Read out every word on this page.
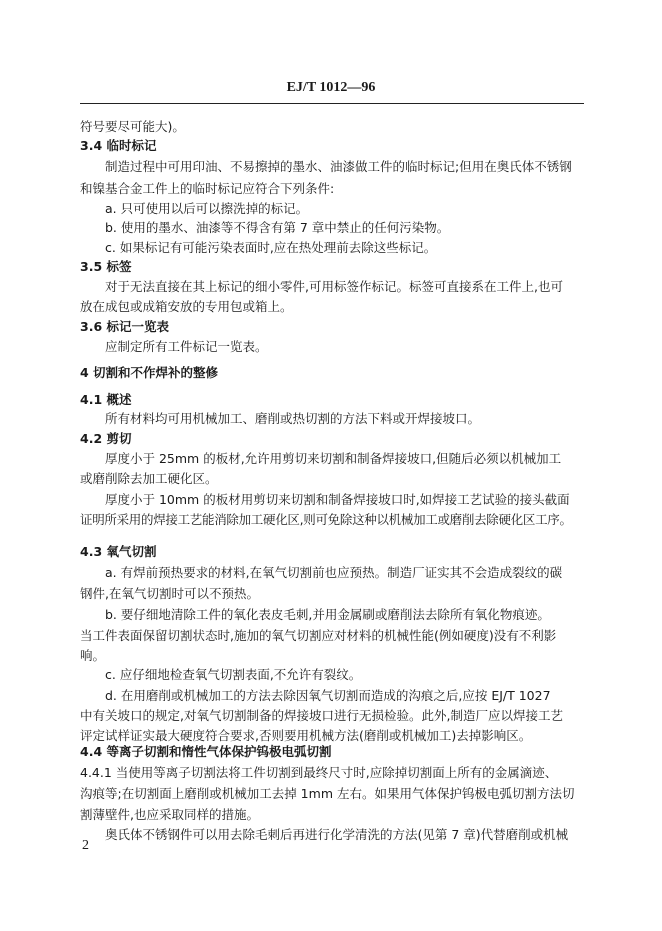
EJ/T 1012—96
符号要尽可能大)。
3.4 临时标记
制造过程中可用印油、不易擦掉的墨水、油漆做工件的临时标记;但用在奥氏体不锈钢
和镍基合金工件上的临时标记应符合下列条件:
a. 只可使用以后可以擦洗掉的标记。
b. 使用的墨水、油漆等不得含有第 7 章中禁止的任何污染物。
c. 如果标记有可能污染表面时,应在热处理前去除这些标记。
3.5 标签
对于无法直接在其上标记的细小零件,可用标签作标记。标签可直接系在工件上,也可
放在成包或成箱安放的专用包或箱上。
3.6 标记一览表
应制定所有工件标记一览表。
4 切割和不作焊补的整修
4.1 概述
所有材料均可用机械加工、磨削或热切割的方法下料或开焊接坡口。
4.2 剪切
厚度小于 25mm 的板材,允许用剪切来切割和制备焊接坡口,但随后必须以机械加工
或磨削除去加工硬化区。
厚度小于 10mm 的板材用剪切来切割和制备焊接坡口时,如焊接工艺试验的接头截面
证明所采用的焊接工艺能消除加工硬化区,则可免除这种以机械加工或磨削去除硬化区工序。
4.3 氧气切割
a. 有焊前预热要求的材料,在氧气切割前也应预热。制造厂证实其不会造成裂纹的碳
钢件,在氧气切割时可以不预热。
b. 要仔细地清除工件的氧化表皮毛刺,并用金属刷或磨削法去除所有氧化物痕迹。
当工件表面保留切割状态时,施加的氧气切割应对材料的机械性能(例如硬度)没有不利影
响。
c. 应仔细地检查氧气切割表面,不允许有裂纹。
d. 在用磨削或机械加工的方法去除因氧气切割而造成的沟痕之后,应按 EJ/T 1027
中有关坡口的规定,对氧气切割制备的焊接坡口进行无损检验。此外,制造厂应以焊接工艺
评定试样证实最大硬度符合要求,否则要用机械方法(磨削或机械加工)去掉影响区。
4.4 等离子切割和惰性气体保护钨极电弧切割
4.4.1 当使用等离子切割法将工件切割到最终尺寸时,应除掉切割面上所有的金属滴迹、
沟痕等;在切割面上磨削或机械加工去掉 1mm 左右。如果用气体保护钨极电弧切割方法切
割薄壁件,也应采取同样的措施。
奥氏体不锈钢件可以用去除毛刺后再进行化学清洗的方法(见第 7 章)代替磨削或机械
2
